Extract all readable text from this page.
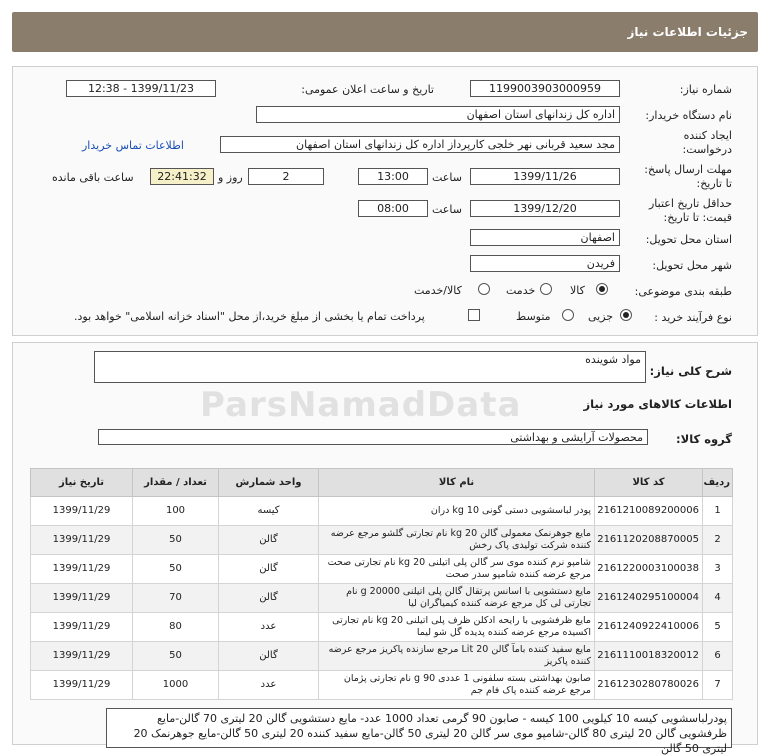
جزئیات اطلاعات نیاز
شماره نیاز:
1199003903000959
تاریخ و ساعت اعلان عمومی:
1399/11/23 - 12:38
نام دستگاه خریدار:
اداره کل زندانهای استان اصفهان
ایجاد کننده
درخواست:
مجد سعید قربانی نهر خلجی کارپرداز اداره کل زندانهای استان اصفهان
اطلاعات تماس خریدار
مهلت ارسال پاسخ:
تا تاریخ:
1399/11/26
ساعت
13:00
2
روز و
22:41:32
ساعت باقی مانده
حداقل تاریخ اعتبار
قیمت: تا تاریخ:
1399/12/20
ساعت
08:00
استان محل تحویل:
اصفهان
شهر محل تحویل:
فریدن
طبقه بندی موضوعی:
کالا
خدمت
کالا/خدمت
نوع فرآیند خرید :
جزیی
متوسط
پرداخت تمام یا بخشی از مبلغ خرید،از محل "اسناد خزانه اسلامی" خواهد بود.
ParsNamadData
شرح کلی نیاز:
مواد شوینده
اطلاعات کالاهای مورد نیاز
گروه کالا:
محصولات آرایشی و بهداشتی
ردیف	کد کالا	نام کالا	واحد شمارش	تعداد / مقدار	تاریخ نیاز
1	2161210089200006	پودر لباسشویی دستی گونی 10 kg دران	کیسه	100	1399/11/29
2	2161120208870005	مایع جوهرنمک معمولی گالن 20 kg نام تجارتی گلشو مرجع عرضه کننده شرکت تولیدی پاک رخش	گالن	50	1399/11/29
3	2161220003100038	شامپو نرم کننده موی سر گالن پلی اتیلنی 20 kg نام تجارتی صحت مرجع عرضه کننده شامپو سدر صحت	گالن	50	1399/11/29
4	2161240295100004	مایع دستشویی با اسانس پرتقال گالن پلی اتیلنی 20000 g نام تجارتی لی کل مرجع عرضه کننده کیمیاگران لیا	گالن	70	1399/11/29
5	2161240922410006	مایع ظرفشویی با رایحه ادکلن ظرف پلی اتیلنی 20 kg نام تجارتی اکسیده مرجع عرضه کننده پدیده گل شو لیما	عدد	80	1399/11/29
6	2161110018320012	مایع سفید کننده بامآ گالن 20 Lit مرجع سازنده پاکریز مرجع عرضه کننده پاکریز	گالن	50	1399/11/29
7	2161230280780026	صابون بهداشتی بسته سلفونی 1 عددی 90 g نام تجارتی پژمان مرجع عرضه کننده پاک فام جم	عدد	1000	1399/11/29
پودرلباسشویی کیسه 10 کیلویی 100 کیسه - صابون 90 گرمی تعداد 1000 عدد- مایع دستشویی گالن 20 لیتری 70 گالن-مایع ظرفشویی گالن 20 لیتری 80 گالن-شامپو موی سر گالن 20 لیتری 50 گالن-مایع سفید کننده 20 لیتری 50 گالن-مایع جوهرنمک 20 لیتری 50 گالن
